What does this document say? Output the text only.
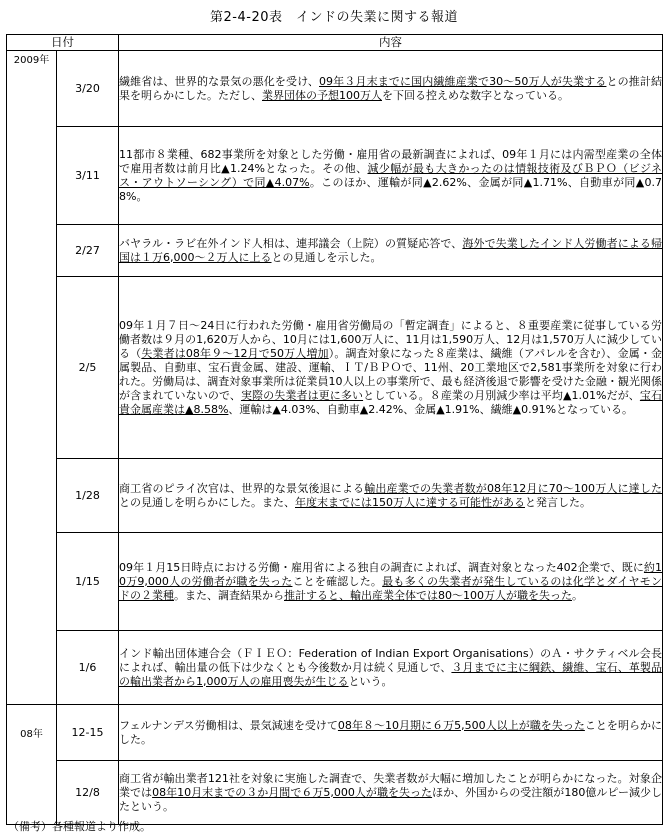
第2-4-20表　インドの失業に関する報道
日付		内容
2009年	3/20	繊維省は、世界的な景気の悪化を受け、09年３月末までに国内繊維産業で30～50万人が失業するとの推計結果を明らかにした。ただし、業界団体の予想100万人を下回る控えめな数字となっている。
	3/11	11都市８業種、682事業所を対象とした労働・雇用省の最新調査によれば、09年１月には内需型産業の全体で雇用者数は前月比▲1.24%となった。その他、減少幅が最も大きかったのは情報技術及びＢＰＯ（ビジネス・アウトソーシング）で同▲4.07%。このほか、運輸が同▲2.62%、金属が同▲1.71%、自動車が同▲0.78%。
	2/27	バヤラル・ラビ在外インド人相は、連邦議会（上院）の質疑応答で、海外で失業したインド人労働者による帰国は１万6,000～２万人に上るとの見通しを示した。
	2/5	09年１月７日～24日に行われた労働・雇用省労働局の「暫定調査」によると、８重要産業に従事している労働者数は９月の1,620万人から、10月には1,600万人に、11月は1,590万人、12月は1,570万人に減少している（失業者は08年９～12月で50万人増加）。調査対象になった８産業は、繊維（アパレルを含む）、金属・金属製品、自動車、宝石貴金属、建設、運輸、ＩＴ/ＢＰＯで、11州、20工業地区で2,581事業所を対象に行われた。労働局は、調査対象事業所は従業員10人以上の事業所で、最も経済後退で影響を受けた金融・観光関係が含まれていないので、実際の失業者は更に多いとしている。８産業の月別減少率は平均▲1.01%だが、宝石貴金属産業は▲8.58%、運輸は▲4.03%、自動車▲2.42%、金属▲1.91%、繊維▲0.91%となっている。
	1/28	商工省のピライ次官は、世界的な景気後退による輸出産業での失業者数が08年12月に70～100万人に達したとの見通しを明らかにした。また、年度末までには150万人に達する可能性があると発言した。
	1/15	09年１月15日時点における労働・雇用省による独自の調査によれば、調査対象となった402企業で、既に約10万9,000人の労働者が職を失ったことを確認した。最も多くの失業者が発生しているのは化学とダイヤモンドの２業種。また、調査結果から推計すると、輸出産業全体では80～100万人が職を失った。
	1/6	インド輸出団体連合会（ＦＩＥＯ：Federation of Indian Export Organisations）のＡ・サクティベル会長によれば、輸出量の低下は少なくとも今後数か月は続く見通しで、３月までに主に綱鉄、繊維、宝石、革製品の輸出業者から1,000万人の雇用喪失が生じるという。
08年	12-15	フェルナンデス労働相は、景気減速を受けて08年８～10月期に６万5,500人以上が職を失ったことを明らかにした。
	12/8	商工省が輸出業者121社を対象に実施した調査で、失業者数が大幅に増加したことが明らかになった。対象企業では08年10月末までの３か月間で６万5,000人が職を失ったほか、外国からの受注額が180億ルピー減少したという。
（備考）各種報道より作成。
